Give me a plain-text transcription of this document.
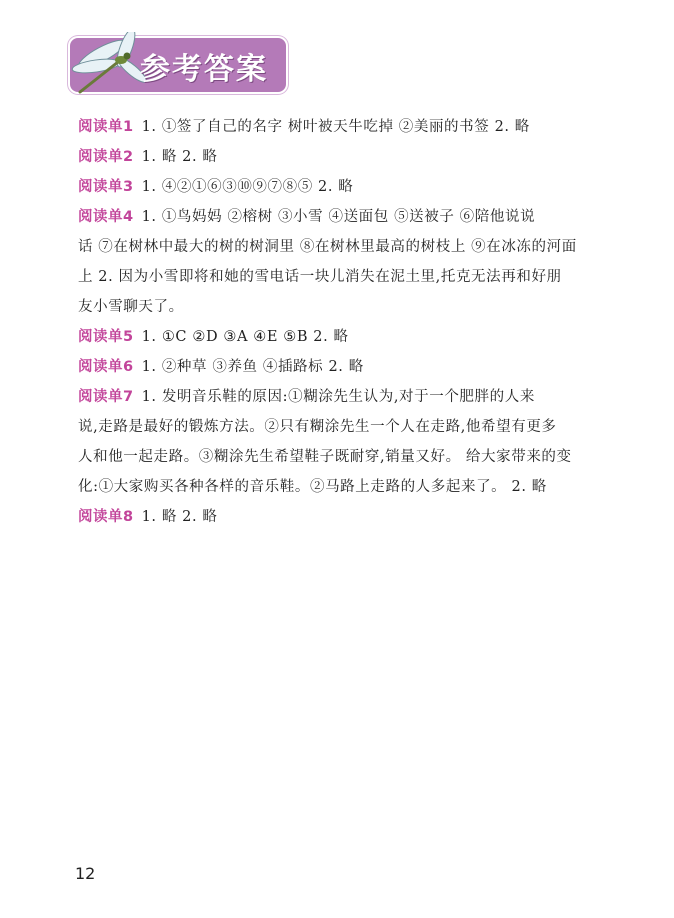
参考答案
阅读单1 1. ①签了自己的名字 树叶被天牛吃掉 ②美丽的书签 2. 略
阅读单2 1. 略 2. 略
阅读单3 1. ④②①⑥③⑩⑨⑦⑧⑤ 2. 略
阅读单4 1. ①鸟妈妈 ②榕树 ③小雪 ④送面包 ⑤送被子 ⑥陪他说说
话 ⑦在树林中最大的树的树洞里 ⑧在树林里最高的树枝上 ⑨在冰冻的河面
上 2. 因为小雪即将和她的雪电话一块儿消失在泥土里,托克无法再和好朋
友小雪聊天了。
阅读单5 1. ①C ②D ③A ④E ⑤B 2. 略
阅读单6 1. ②种草 ③养鱼 ④插路标 2. 略
阅读单7 1. 发明音乐鞋的原因:①糊涂先生认为,对于一个肥胖的人来
说,走路是最好的锻炼方法。②只有糊涂先生一个人在走路,他希望有更多
人和他一起走路。③糊涂先生希望鞋子既耐穿,销量又好。 给大家带来的变
化:①大家购买各种各样的音乐鞋。②马路上走路的人多起来了。 2. 略
阅读单8 1. 略 2. 略
12
